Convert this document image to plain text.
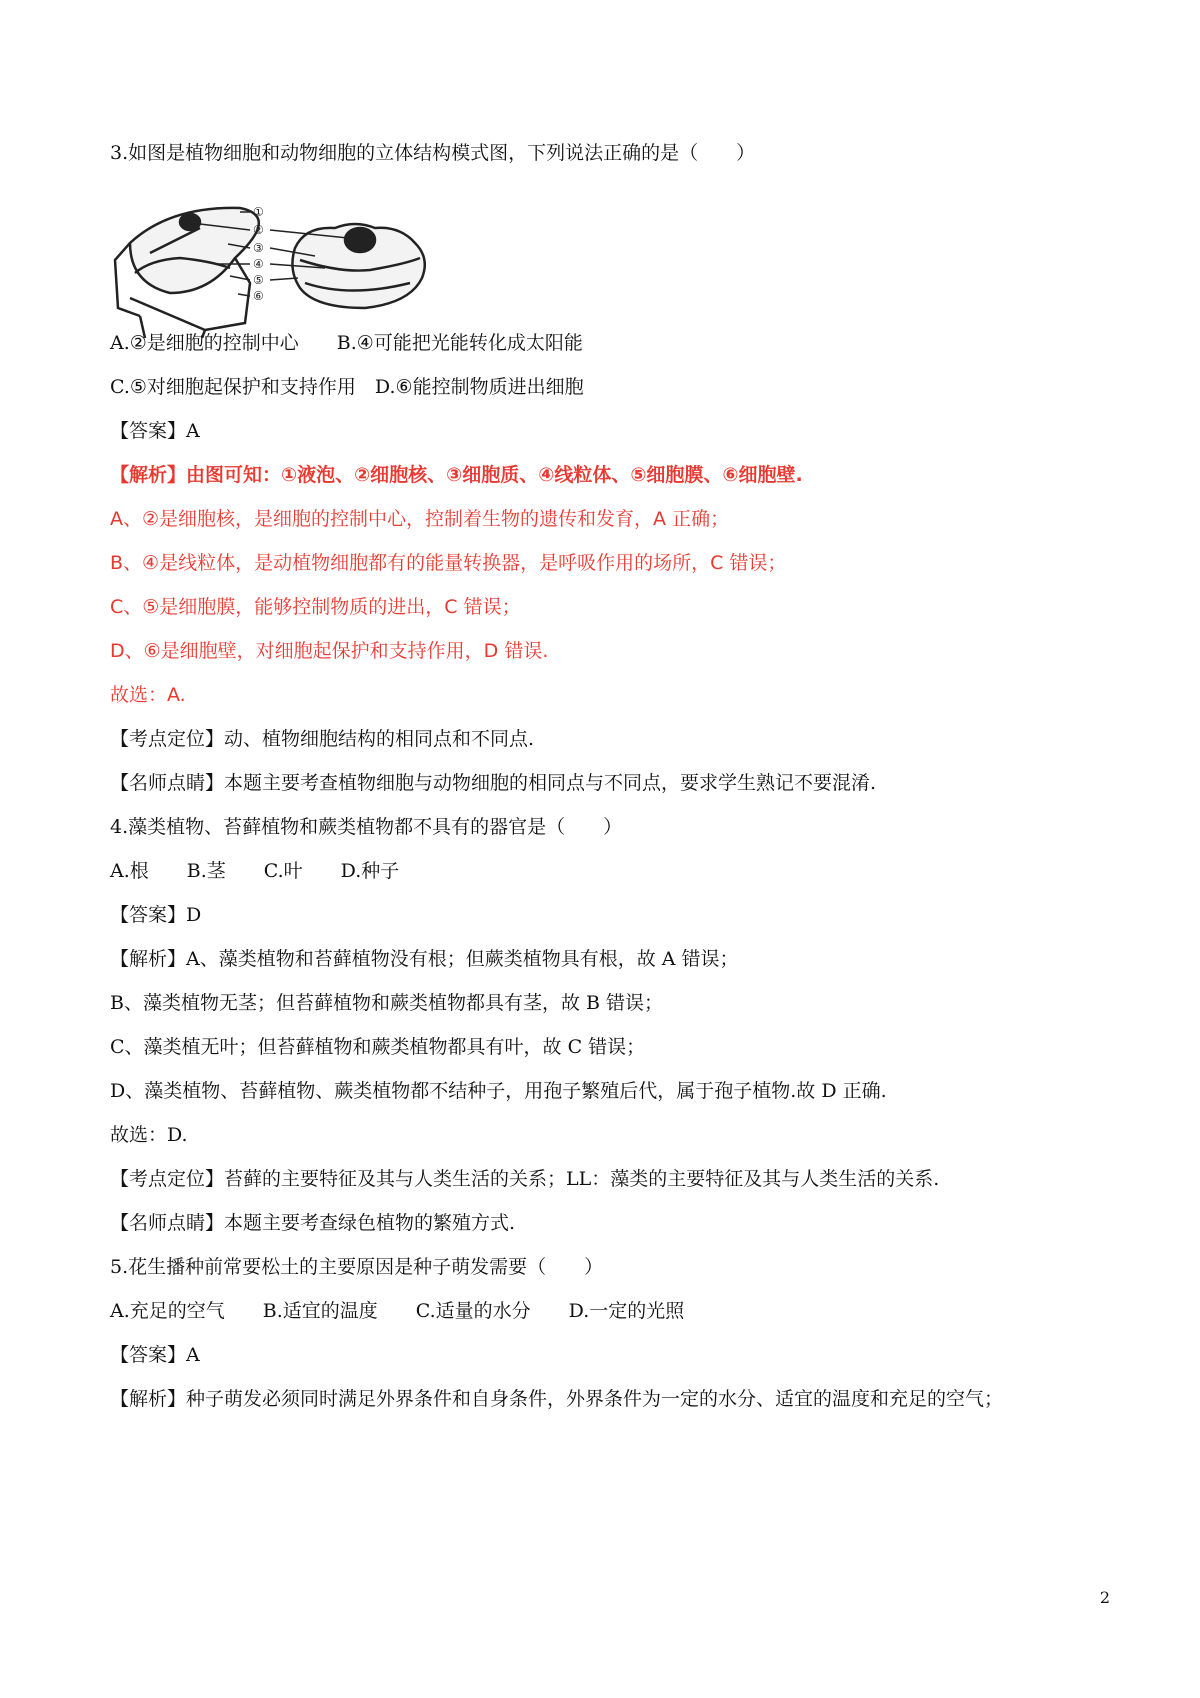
3.如图是植物细胞和动物细胞的立体结构模式图，下列说法正确的是（　　）
①
②
③
④
⑤
⑥
A.②是细胞的控制中心　　B.④可能把光能转化成太阳能
C.⑤对细胞起保护和支持作用　D.⑥能控制物质进出细胞
【答案】A
【解析】由图可知：①液泡、②细胞核、③细胞质、④线粒体、⑤细胞膜、⑥细胞壁.
A、②是细胞核，是细胞的控制中心，控制着生物的遗传和发育，A 正确；
B、④是线粒体，是动植物细胞都有的能量转换器，是呼吸作用的场所，C 错误；
C、⑤是细胞膜，能够控制物质的进出，C 错误；
D、⑥是细胞壁，对细胞起保护和支持作用，D 错误.
故选：A.
【考点定位】动、植物细胞结构的相同点和不同点.
【名师点睛】本题主要考查植物细胞与动物细胞的相同点与不同点，要求学生熟记不要混淆.
4.藻类植物、苔藓植物和蕨类植物都不具有的器官是（　　）
A.根　　B.茎　　C.叶　　D.种子
【答案】D
【解析】A、藻类植物和苔藓植物没有根；但蕨类植物具有根，故 A 错误；
B、藻类植物无茎；但苔藓植物和蕨类植物都具有茎，故 B 错误；
C、藻类植无叶；但苔藓植物和蕨类植物都具有叶，故 C 错误；
D、藻类植物、苔藓植物、蕨类植物都不结种子，用孢子繁殖后代，属于孢子植物.故 D 正确.
故选：D.
【考点定位】苔藓的主要特征及其与人类生活的关系；LL：藻类的主要特征及其与人类生活的关系.
【名师点睛】本题主要考查绿色植物的繁殖方式.
5.花生播种前常要松土的主要原因是种子萌发需要（　　）
A.充足的空气　　B.适宜的温度　　C.适量的水分　　D.一定的光照
【答案】A
【解析】种子萌发必须同时满足外界条件和自身条件，外界条件为一定的水分、适宜的温度和充足的空气；
2
